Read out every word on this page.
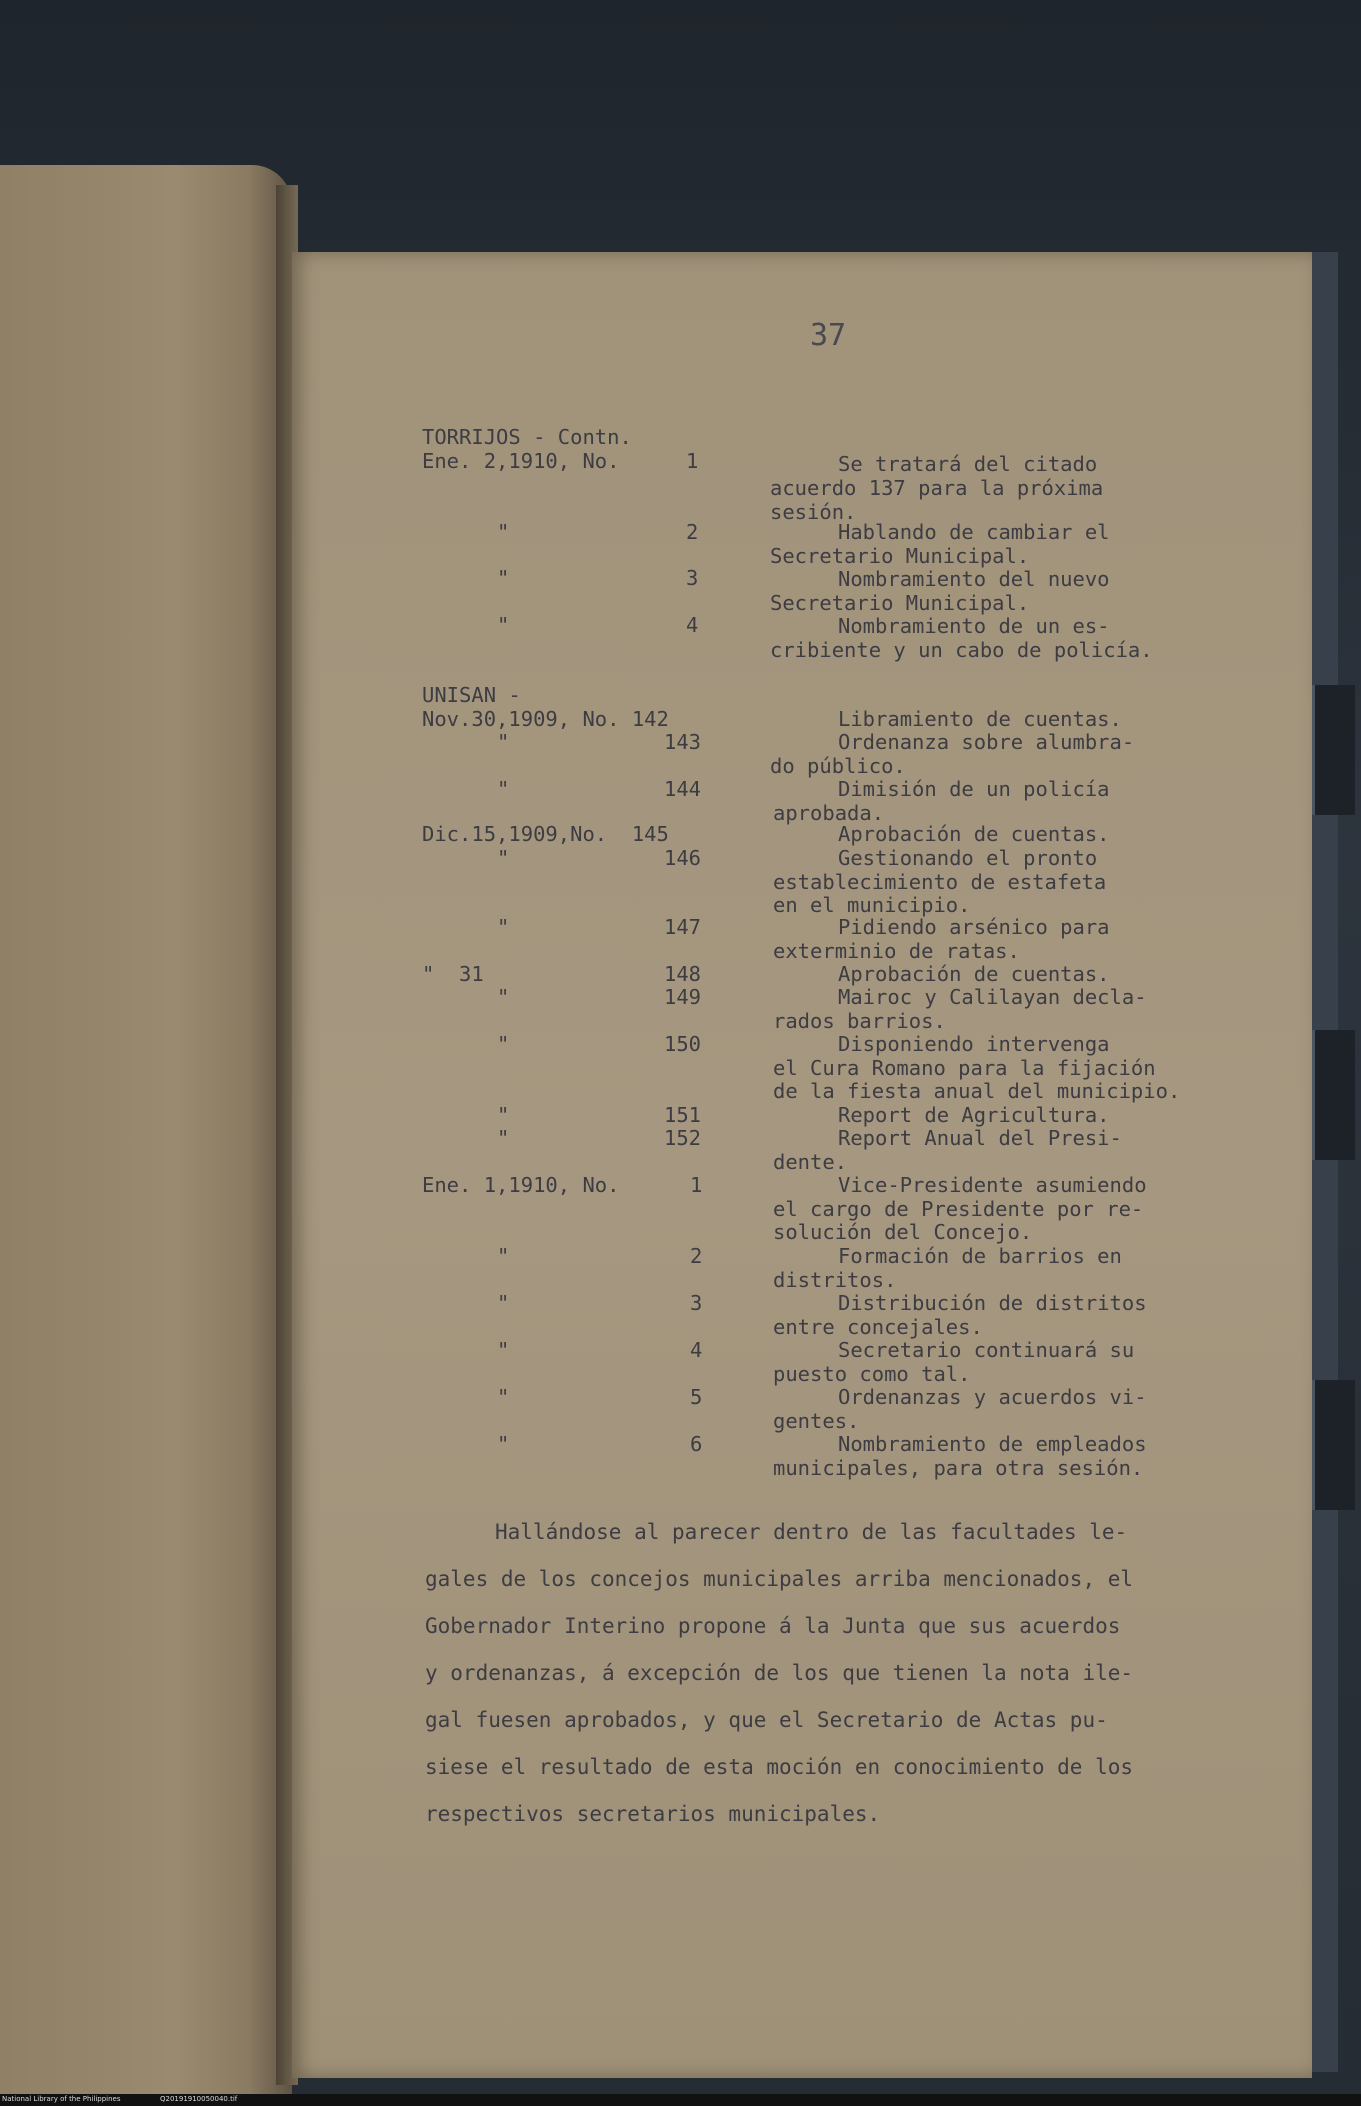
37
TORRIJOS - Contn.
Ene. 2,1910, No.	1	Se tratará del citado
acuerdo 137 para la próxima
sesión.
"	2	Hablando de cambiar el
Secretario Municipal.
"	3	Nombramiento del nuevo
Secretario Municipal.
"	4	Nombramiento de un es-
cribiente y un cabo de policía.
UNISAN -
Nov.30,1909, No. 142	Libramiento de cuentas.
"	143	Ordenanza sobre alumbra-
do público.
"	144	Dimisión de un policía
aprobada.
Dic.15,1909,No.  145	Aprobación de cuentas.
"	146	Gestionando el pronto
establecimiento de estafeta
en el municipio.
"	147	Pidiendo arsénico para
exterminio de ratas.
"  31	148	Aprobación de cuentas.
"	149	Mairoc y Calilayan decla-
rados barrios.
"	150	Disponiendo intervenga
el Cura Romano para la fijación
de la fiesta anual del municipio.
"	151	Report de Agricultura.
"	152	Report Anual del Presi-
dente.
Ene. 1,1910, No.	1	Vice-Presidente asumiendo
el cargo de Presidente por re-
solución del Concejo.
"	2	Formación de barrios en
distritos.
"	3	Distribución de distritos
entre concejales.
"	4	Secretario continuará su
puesto como tal.
"	5	Ordenanzas y acuerdos vi-
gentes.
"	6	Nombramiento de empleados
municipales, para otra sesión.
Hallándose al parecer dentro de las facultades le-
gales de los concejos municipales arriba mencionados, el
Gobernador Interino propone á la Junta que sus acuerdos
y ordenanzas, á excepción de los que tienen la nota ile-
gal fuesen aprobados, y que el Secretario de Actas pu-
siese el resultado de esta moción en conocimiento de los
respectivos secretarios municipales.
National Library of the Philippines	Q20191910050040.tif
